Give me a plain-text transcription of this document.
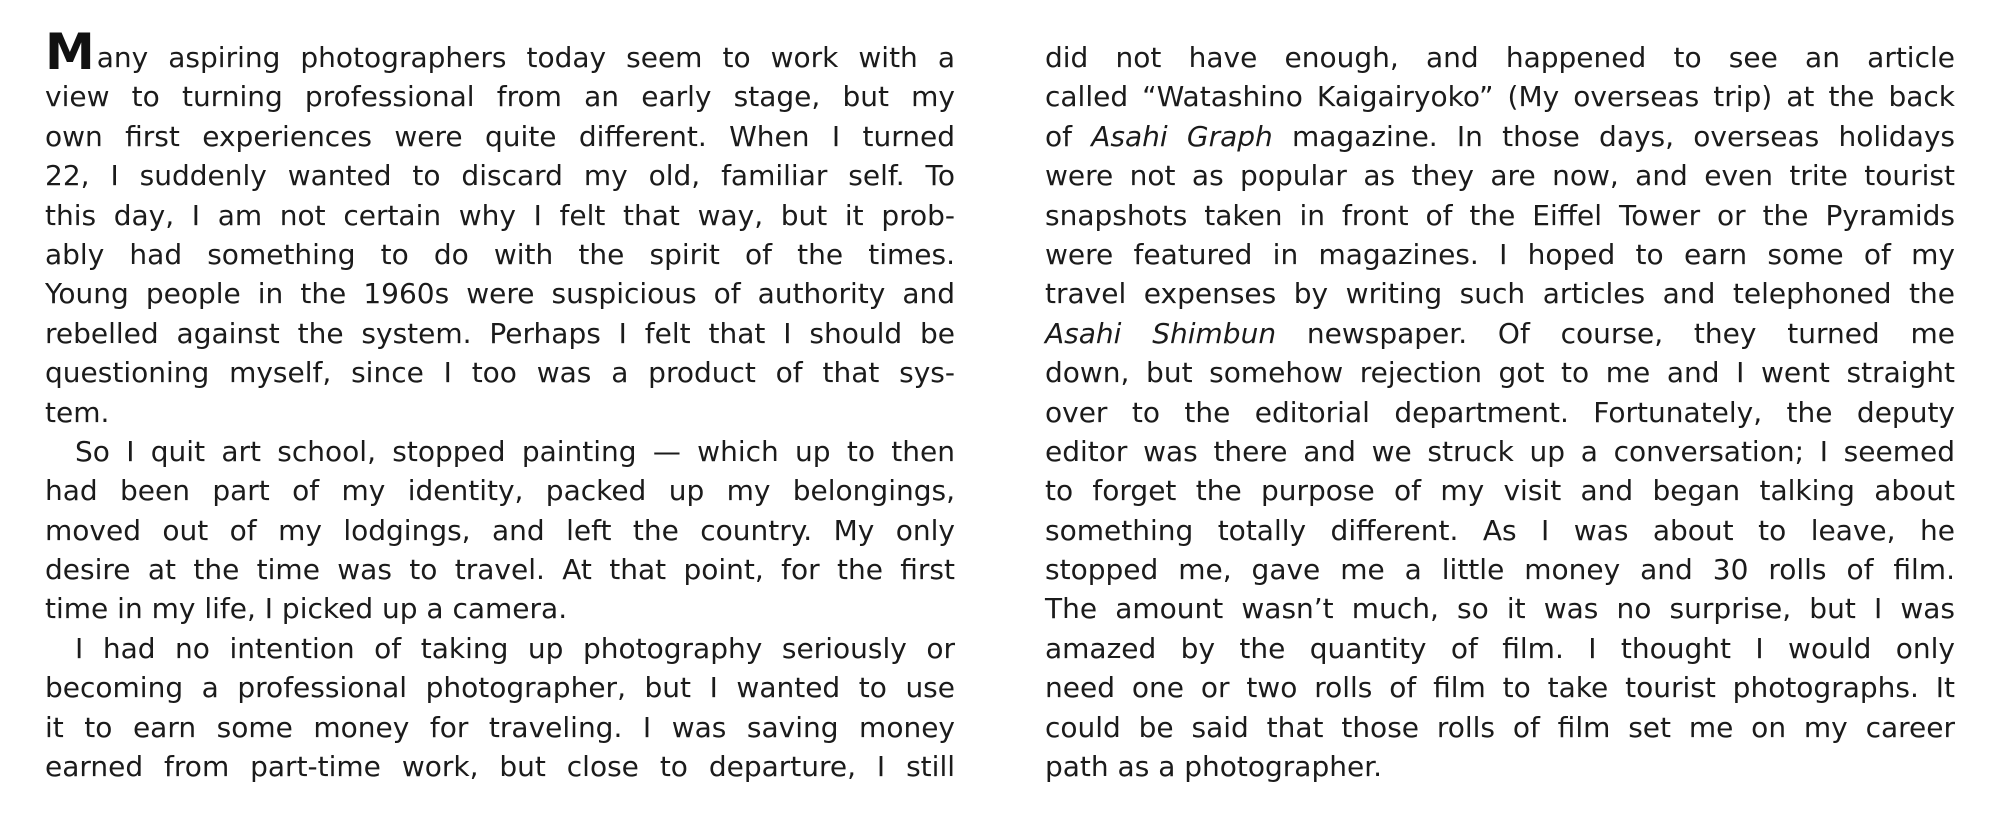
Many aspiring photographers today seem to work with a
view to turning professional from an early stage, but my
own first experiences were quite different. When I turned
22, I suddenly wanted to discard my old, familiar self. To
this day, I am not certain why I felt that way, but it prob-
ably had something to do with the spirit of the times.
Young people in the 1960s were suspicious of authority and
rebelled against the system. Perhaps I felt that I should be
questioning myself, since I too was a product of that sys-
tem.
So I quit art school, stopped painting — which up to then
had been part of my identity, packed up my belongings,
moved out of my lodgings, and left the country. My only
desire at the time was to travel. At that point, for the first
time in my life, I picked up a camera.
I had no intention of taking up photography seriously or
becoming a professional photographer, but I wanted to use
it to earn some money for traveling. I was saving money
earned from part-time work, but close to departure, I still
did not have enough, and happened to see an article
called “Watashino Kaigairyoko” (My overseas trip) at the back
of Asahi Graph magazine. In those days, overseas holidays
were not as popular as they are now, and even trite tourist
snapshots taken in front of the Eiffel Tower or the Pyramids
were featured in magazines. I hoped to earn some of my
travel expenses by writing such articles and telephoned the
Asahi Shimbun newspaper. Of course, they turned me
down, but somehow rejection got to me and I went straight
over to the editorial department. Fortunately, the deputy
editor was there and we struck up a conversation; I seemed
to forget the purpose of my visit and began talking about
something totally different. As I was about to leave, he
stopped me, gave me a little money and 30 rolls of film.
The amount wasn’t much, so it was no surprise, but I was
amazed by the quantity of film. I thought I would only
need one or two rolls of film to take tourist photographs. It
could be said that those rolls of film set me on my career
path as a photographer.
